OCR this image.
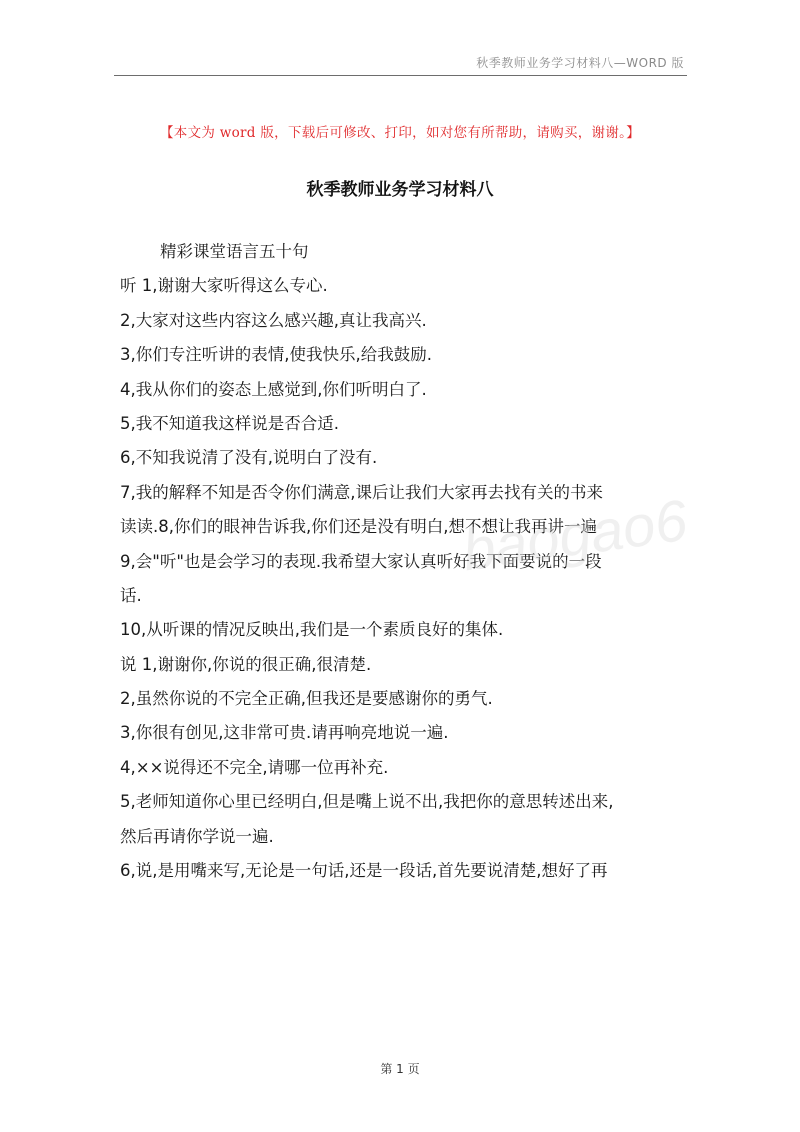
秋季教师业务学习材料八—WORD 版
【本文为 word 版，下载后可修改、打印，如对您有所帮助，请购买，谢谢。】
秋季教师业务学习材料八
精彩课堂语言五十句
听 1,谢谢大家听得这么专心.
2,大家对这些内容这么感兴趣,真让我高兴.
3,你们专注听讲的表情,使我快乐,给我鼓励.
4,我从你们的姿态上感觉到,你们听明白了.
5,我不知道我这样说是否合适.
6,不知我说清了没有,说明白了没有.
7,我的解释不知是否令你们满意,课后让我们大家再去找有关的书来
读读.8,你们的眼神告诉我,你们还是没有明白,想不想让我再讲一遍
9,会"听"也是会学习的表现.我希望大家认真听好我下面要说的一段
话.
10,从听课的情况反映出,我们是一个素质良好的集体.
说 1,谢谢你,你说的很正确,很清楚.
2,虽然你说的不完全正确,但我还是要感谢你的勇气.
3,你很有创见,这非常可贵.请再响亮地说一遍.
4,××说得还不完全,请哪一位再补充.
5,老师知道你心里已经明白,但是嘴上说不出,我把你的意思转述出来,
然后再请你学说一遍.
6,说,是用嘴来写,无论是一句话,还是一段话,首先要说清楚,想好了再
baogao6
第 1 页
